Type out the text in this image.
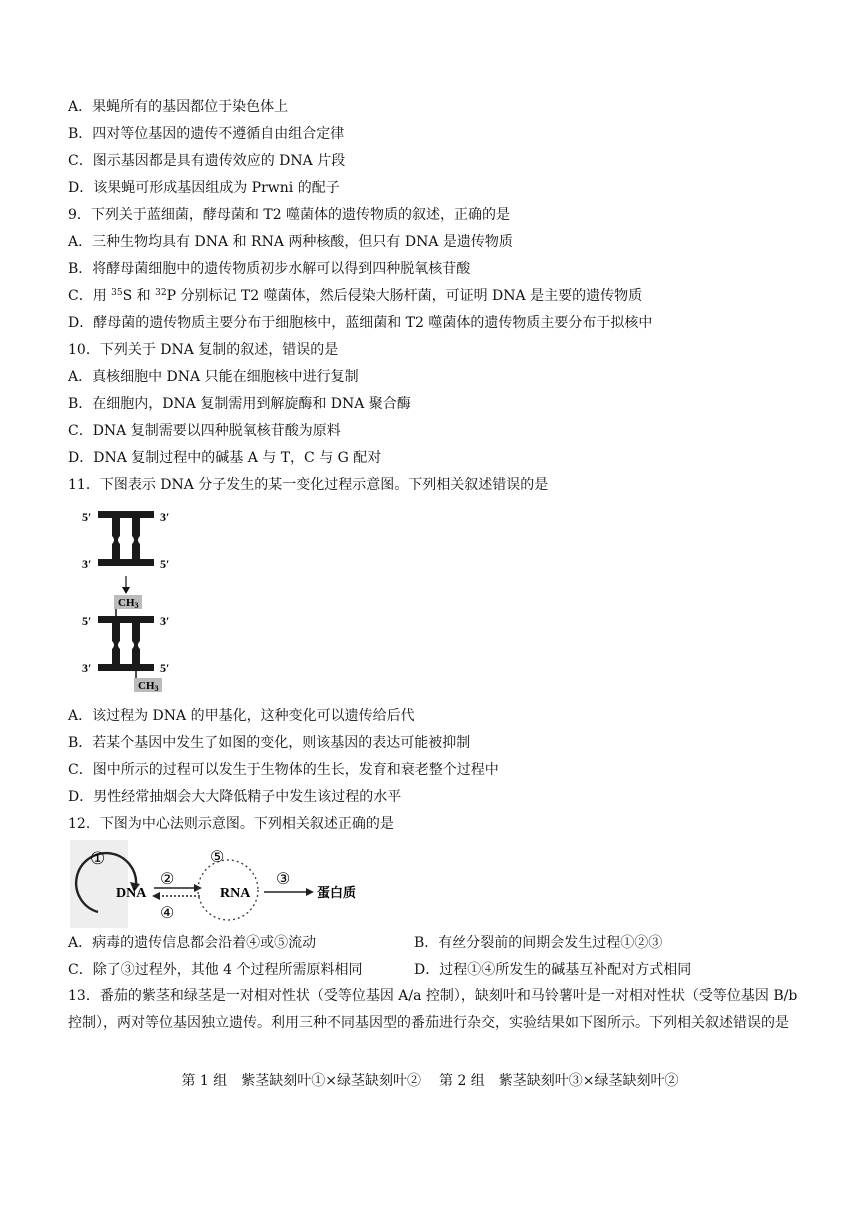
A．果蝇所有的基因都位于染色体上
B．四对等位基因的遗传不遵循自由组合定律
C．图示基因都是具有遗传效应的 DNA 片段
D．该果蝇可形成基因组成为 Prwni 的配子
9．下列关于蓝细菌，酵母菌和 T2 噬菌体的遗传物质的叙述，正确的是
A．三种生物均具有 DNA 和 RNA 两种核酸，但只有 DNA 是遗传物质
B．将酵母菌细胞中的遗传物质初步水解可以得到四种脱氧核苷酸
C．用 $^{35}$S 和 $^{32}$P 分别标记 T2 噬菌体，然后侵染大肠杆菌，可证明 DNA 是主要的遗传物质
D．酵母菌的遗传物质主要分布于细胞核中，蓝细菌和 T2 噬菌体的遗传物质主要分布于拟核中
10．下列关于 DNA 复制的叙述，错误的是
A．真核细胞中 DNA 只能在细胞核中进行复制
B．在细胞内，DNA 复制需用到解旋酶和 DNA 聚合酶
C．DNA 复制需要以四种脱氧核苷酸为原料
D．DNA 复制过程中的碱基 A 与 T，C 与 G 配对
11．下图表示 DNA 分子发生的某一变化过程示意图。下列相关叙述错误的是
5′	3′
3′	5′
CH3
5′	3′
3′	5′
CH3
A．该过程为 DNA 的甲基化，这种变化可以遗传给后代
B．若某个基因中发生了如图的变化，则该基因的表达可能被抑制
C．图中所示的过程可以发生于生物体的生长，发育和衰老整个过程中
D．男性经常抽烟会大大降低精子中发生该过程的水平
12．下图为中心法则示意图。下列相关叙述正确的是
①
DNA
②
④
⑤
RNA
③
蛋白质
A．病毒的遗传信息都会沿着④或⑤流动	B．有丝分裂前的间期会发生过程①②③
C．除了③过程外，其他 4 个过程所需原料相同	D．过程①④所发生的碱基互补配对方式相同
13．番茄的紫茎和绿茎是一对相对性状（受等位基因 A/a 控制），缺刻叶和马铃薯叶是一对相对性状（受等位基因 B/b 控制），两对等位基因独立遗传。利用三种不同基因型的番茄进行杂交，实验结果如下图所示。下列相关叙述错误的是
第 1 组　紫茎缺刻叶①×绿茎缺刻叶② 第 2 组　紫茎缺刻叶③×绿茎缺刻叶②
